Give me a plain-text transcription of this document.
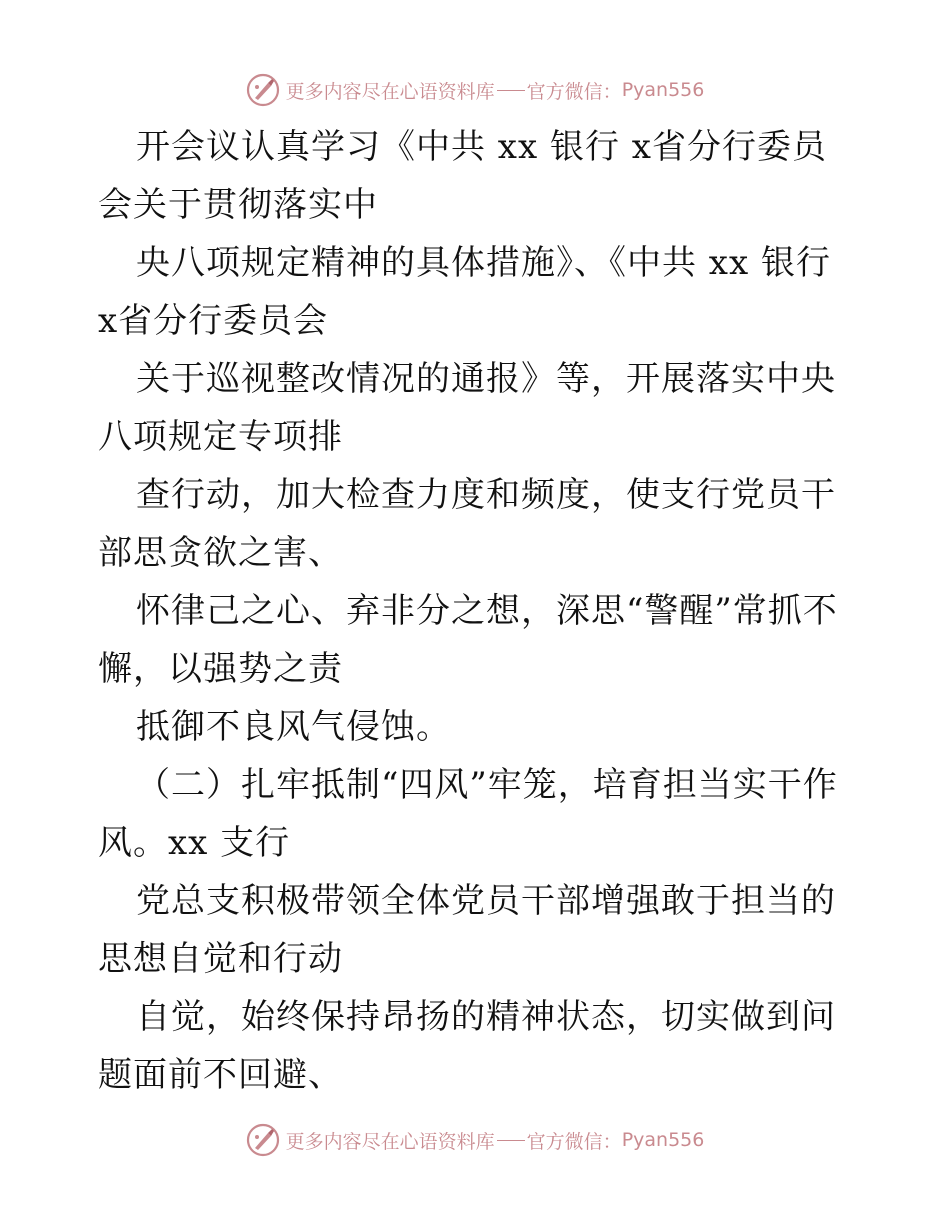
更多内容尽在心语资料库 官方微信： Pyan556

开会议认真学习《中共 xx 银行 x省分行委员会关于贯彻落实中

央八项规定精神的具体措施》、《中共 xx 银行 x省分行委员会

关于巡视整改情况的通报》等，开展落实中央八项规定专项排

查行动，加大检查力度和频度，使支行党员干部思贪欲之害、

怀律己之心、弃非分之想，深思“警醒”常抓不懈，以强势之责

抵御不良风气侵蚀。

（二）扎牢抵制“四风”牢笼，培育担当实干作风。xx 支行

党总支积极带领全体党员干部增强敢于担当的思想自觉和行动

自觉，始终保持昂扬的精神状态，切实做到问题面前不回避、

更多内容尽在心语资料库 官方微信： Pyan556
